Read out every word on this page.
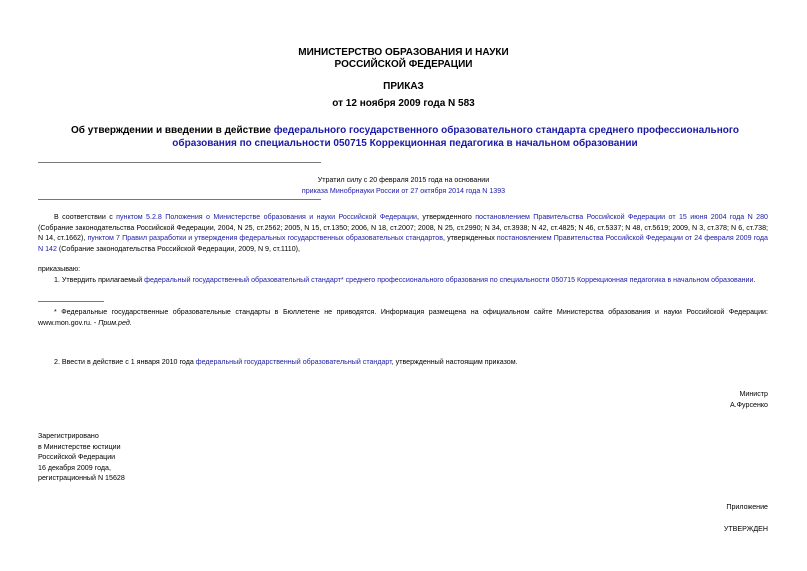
МИНИСТЕРСТВО ОБРАЗОВАНИЯ И НАУКИ
РОССИЙСКОЙ ФЕДЕРАЦИИ
ПРИКАЗ
от 12 ноября 2009 года N 583
Об утверждении и введении в действие федерального государственного образовательного стандарта среднего профессионального образования по специальности 050715 Коррекционная педагогика в начальном образовании
Утратил силу с 20 февраля 2015 года на основании
приказа Минобрнауки России от 27 октября 2014 года N 1393
В соответствии с пунктом 5.2.8 Положения о Министерстве образования и науки Российской Федерации, утвержденного постановлением Правительства Российской Федерации от 15 июня 2004 года N 280 (Собрание законодательства Российской Федерации, 2004, N 25, ст.2562; 2005, N 15, ст.1350; 2006, N 18, ст.2007; 2008, N 25, ст.2990; N 34, ст.3938; N 42, ст.4825; N 46, ст.5337; N 48, ст.5619; 2009, N 3, ст.378; N 6, ст.738; N 14, ст.1662), пунктом 7 Правил разработки и утверждения федеральных государственных образовательных стандартов, утвержденных постановлением Правительства Российской Федерации от 24 февраля 2009 года N 142 (Собрание законодательства Российской Федерации, 2009, N 9, ст.1110),
приказываю:
1. Утвердить прилагаемый федеральный государственный образовательный стандарт* среднего профессионального образования по специальности 050715 Коррекционная педагогика в начальном образовании.
* Федеральные государственные образовательные стандарты в Бюллетене не приводятся. Информация размещена на официальном сайте Министерства образования и науки Российской Федерации: www.mon.gov.ru. - Прим.ред.
2. Ввести в действие с 1 января 2010 года федеральный государственный образовательный стандарт, утвержденный настоящим приказом.
Министр
А.Фурсенко
Зарегистрировано
в Министерстве юстиции
Российской Федерации
16 декабря 2009 года,
регистрационный N 15628
Приложение
УТВЕРЖДЕН
